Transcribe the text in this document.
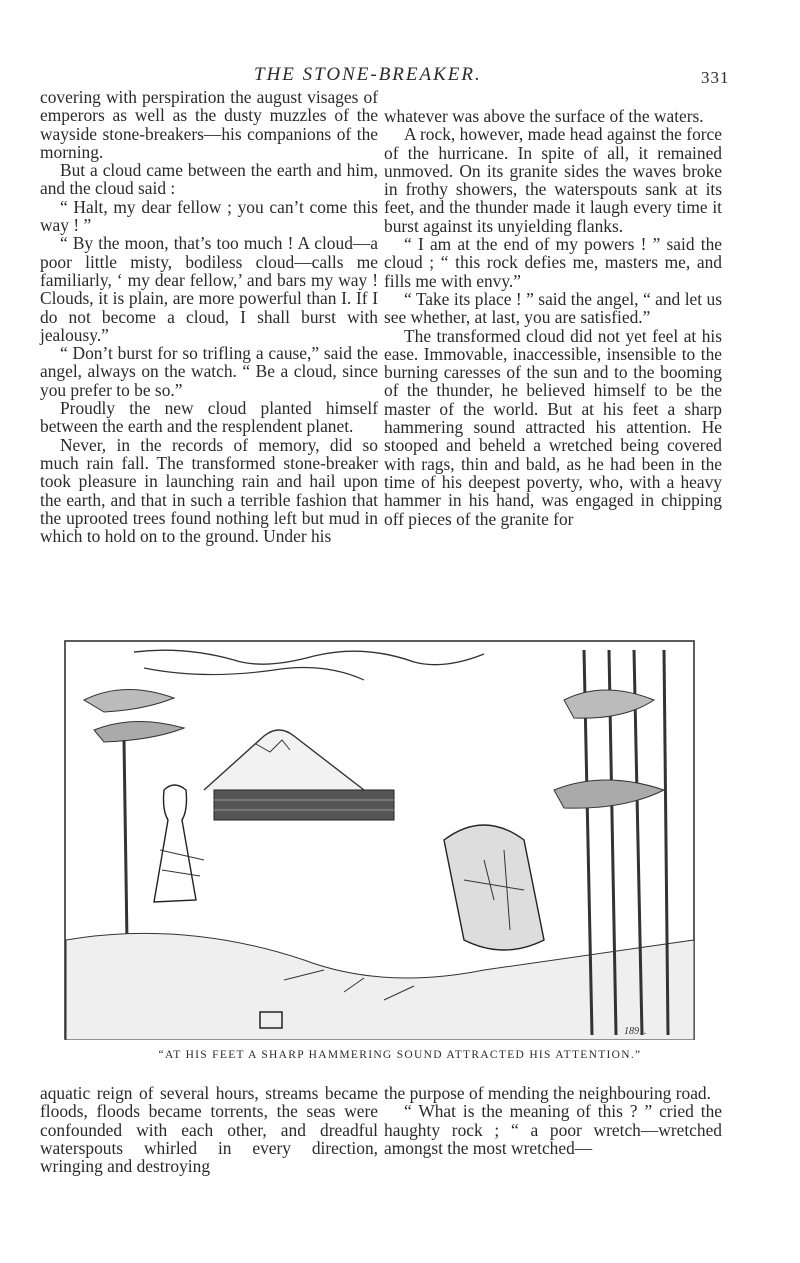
THE STONE-BREAKER.	331

covering with perspiration the august visages of emperors as well as the dusty muzzles of the wayside stone-breakers—his companions of the morning.

But a cloud came between the earth and him, and the cloud said :

“ Halt, my dear fellow ; you can’t come this way ! ”

“ By the moon, that’s too much ! A cloud—a poor little misty, bodiless cloud—calls me familiarly, ‘ my dear fellow,’ and bars my way ! Clouds, it is plain, are more powerful than I. If I do not become a cloud, I shall burst with jealousy.”

“ Don’t burst for so trifling a cause,” said the angel, always on the watch. “ Be a cloud, since you prefer to be so.”

Proudly the new cloud planted himself between the earth and the resplendent planet.

Never, in the records of memory, did so much rain fall. The transformed stone-breaker took pleasure in launching rain and hail upon the earth, and that in such a terrible fashion that the uprooted trees found nothing left but mud in which to hold on to the ground. Under his

whatever was above the surface of the waters.

A rock, however, made head against the force of the hurricane. In spite of all, it remained unmoved. On its granite sides the waves broke in frothy showers, the waterspouts sank at its feet, and the thunder made it laugh every time it burst against its unyielding flanks.

“ I am at the end of my powers ! ” said the cloud ; “ this rock defies me, masters me, and fills me with envy.”

“ Take its place ! ” said the angel, “ and let us see whether, at last, you are satisfied.”

The transformed cloud did not yet feel at his ease. Immovable, inaccessible, insensible to the burning caresses of the sun and to the booming of the thunder, he believed himself to be the master of the world. But at his feet a sharp hammering sound attracted his attention. He stooped and beheld a wretched being covered with rags, thin and bald, as he had been in the time of his deepest poverty, who, with a heavy hammer in his hand, was engaged in chipping off pieces of the granite for

1891.
“AT HIS FEET A SHARP HAMMERING SOUND ATTRACTED HIS ATTENTION.”

aquatic reign of several hours, streams became floods, floods became torrents, the seas were confounded with each other, and dreadful waterspouts whirled in every direction, wringing and destroying

the purpose of mending the neighbouring road.

“ What is the meaning of this ? ” cried the haughty rock ; “ a poor wretch—wretched amongst the most wretched—
